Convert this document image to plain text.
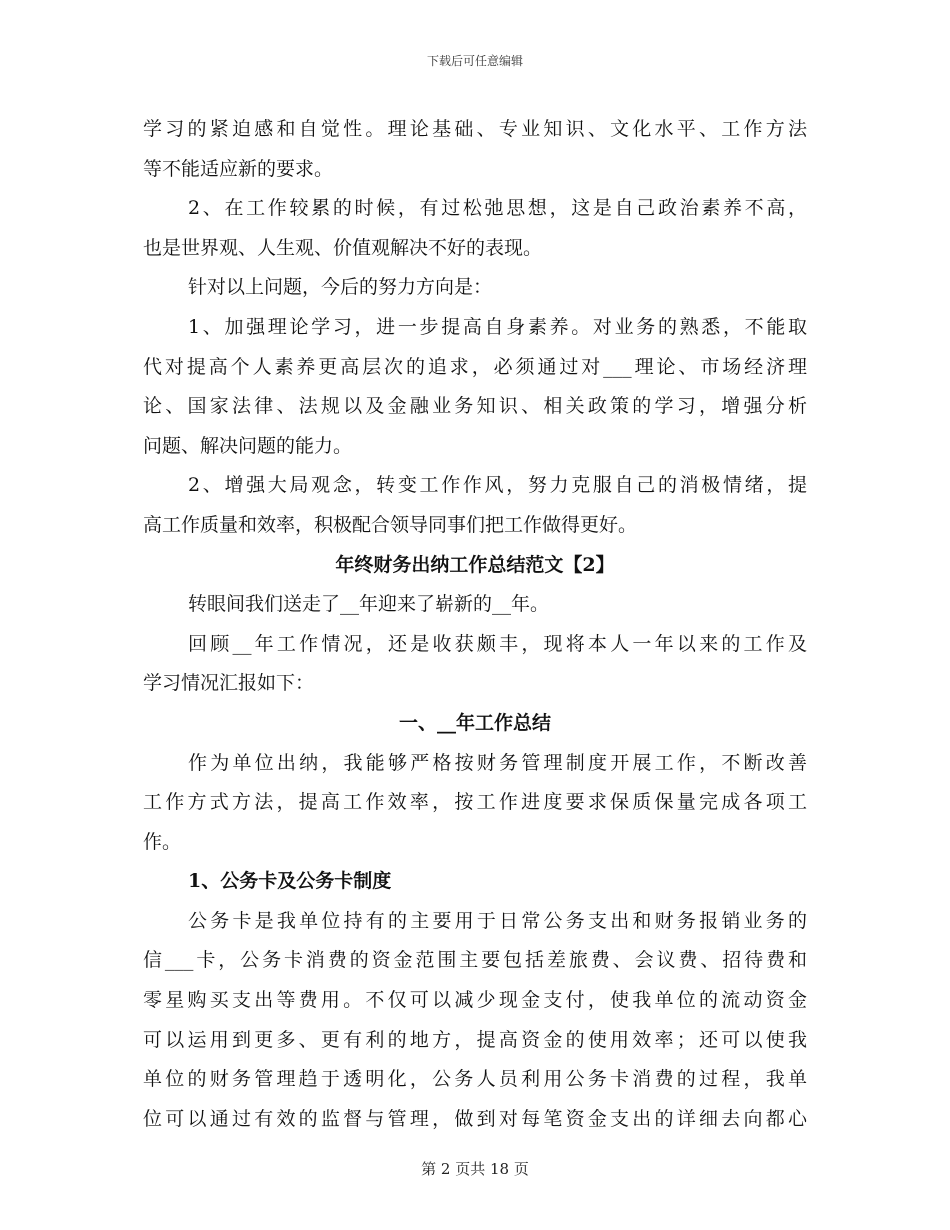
下载后可任意编辑
学习的紧迫感和自觉性。理论基础、专业知识、文化水平、工作方法
等不能适应新的要求。
2、在工作较累的时候，有过松弛思想，这是自己政治素养不高，
也是世界观、人生观、价值观解决不好的表现。
针对以上问题，今后的努力方向是：
1、加强理论学习，进一步提高自身素养。对业务的熟悉，不能取
代对提高个人素养更高层次的追求，必须通过对___理论、市场经济理
论、国家法律、法规以及金融业务知识、相关政策的学习，增强分析
问题、解决问题的能力。
2、增强大局观念，转变工作作风，努力克服自己的消极情绪，提
高工作质量和效率，积极配合领导同事们把工作做得更好。
年终财务出纳工作总结范文【2】
转眼间我们送走了__年迎来了崭新的__年。
回顾__年工作情况，还是收获颇丰，现将本人一年以来的工作及
学习情况汇报如下：
一、__年工作总结
作为单位出纳，我能够严格按财务管理制度开展工作，不断改善
工作方式方法，提高工作效率，按工作进度要求保质保量完成各项工
作。
1、公务卡及公务卡制度
公务卡是我单位持有的主要用于日常公务支出和财务报销业务的
信___卡，公务卡消费的资金范围主要包括差旅费、会议费、招待费和
零星购买支出等费用。不仅可以减少现金支付，使我单位的流动资金
可以运用到更多、更有利的地方，提高资金的使用效率；还可以使我
单位的财务管理趋于透明化，公务人员利用公务卡消费的过程，我单
位可以通过有效的监督与管理，做到对每笔资金支出的详细去向都心
第 2 页共 18 页
